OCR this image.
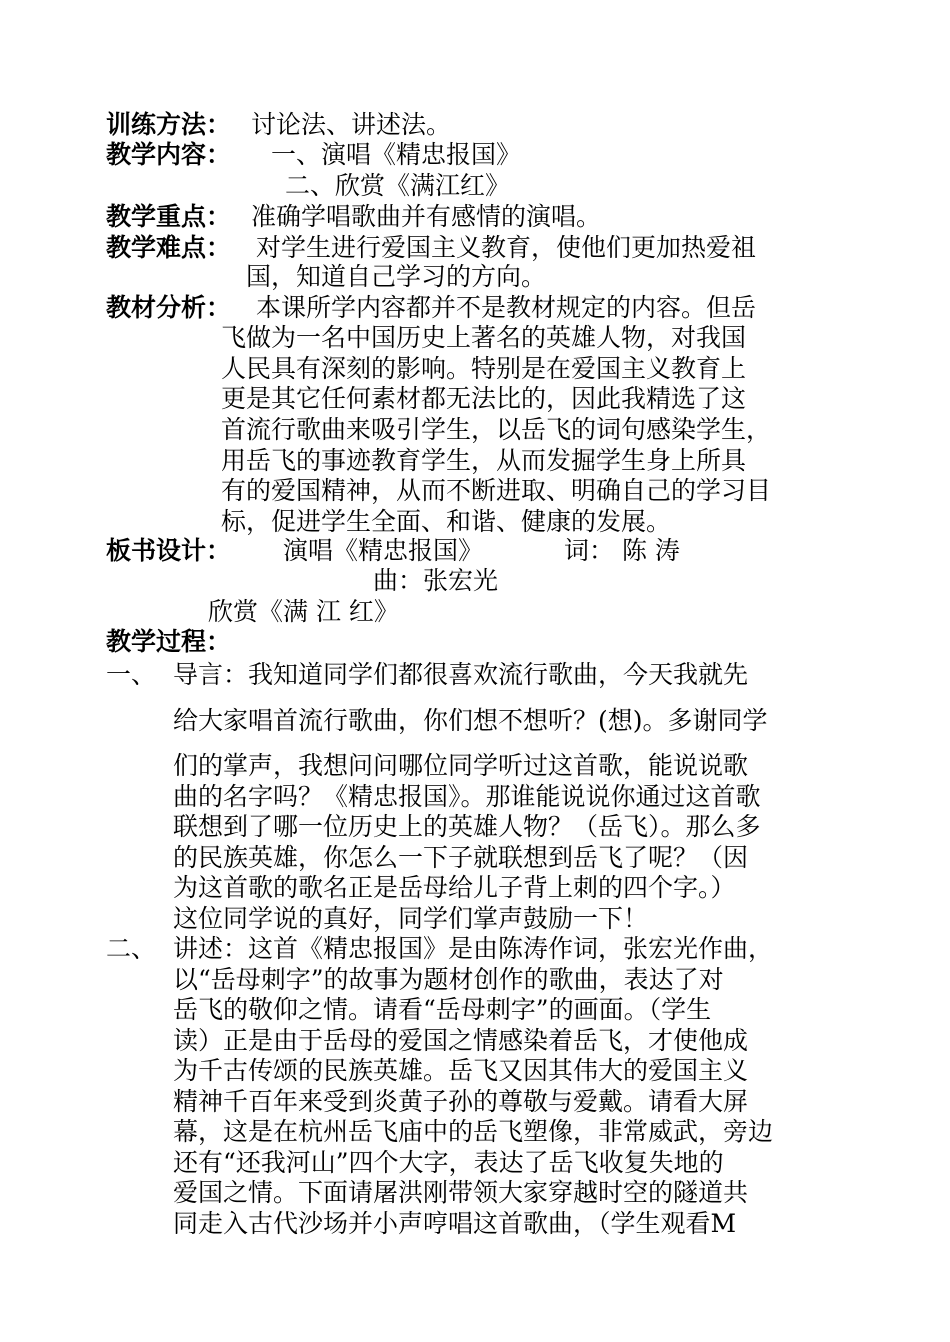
训练方法： 讨论法、讲述法。
教学内容： 一、演唱《精忠报国》
二、欣赏《满江红》
教学重点： 准确学唱歌曲并有感情的演唱。
教学难点： 对学生进行爱国主义教育，使他们更加热爱祖
国，知道自己学习的方向。
教材分析： 本课所学内容都并不是教材规定的内容。但岳
飞做为一名中国历史上著名的英雄人物，对我国
人民具有深刻的影响。特别是在爱国主义教育上
更是其它任何素材都无法比的，因此我精选了这
首流行歌曲来吸引学生，以岳飞的词句感染学生，
用岳飞的事迹教育学生，从而发掘学生身上所具
有的爱国精神，从而不断进取、明确自己的学习目
标，促进学生全面、和谐、健康的发展。
板书设计： 演唱《精忠报国》	词： 陈 涛
曲：张宏光
欣赏《满 江 红》
教学过程：
一、 导言：我知道同学们都很喜欢流行歌曲，今天我就先
给大家唱首流行歌曲，你们想不想听？(想)。多谢同学
们的掌声，我想问问哪位同学听过这首歌，能说说歌
曲的名字吗？《精忠报国》。那谁能说说你通过这首歌
联想到了哪一位历史上的英雄人物？（岳飞）。那么多
的民族英雄，你怎么一下子就联想到岳飞了呢？（因
为这首歌的歌名正是岳母给儿子背上刺的四个字。）
这位同学说的真好，同学们掌声鼓励一下！
二、 讲述：这首《精忠报国》是由陈涛作词，张宏光作曲，
以“岳母刺字”的故事为题材创作的歌曲，表达了对
岳飞的敬仰之情。请看“岳母刺字”的画面。（学生
读）正是由于岳母的爱国之情感染着岳飞，才使他成
为千古传颂的民族英雄。岳飞又因其伟大的爱国主义
精神千百年来受到炎黄子孙的尊敬与爱戴。请看大屏
幕，这是在杭州岳飞庙中的岳飞塑像，非常威武，旁边
还有“还我河山”四个大字，表达了岳飞收复失地的
爱国之情。下面请屠洪刚带领大家穿越时空的隧道共
同走入古代沙场并小声哼唱这首歌曲，（学生观看M
